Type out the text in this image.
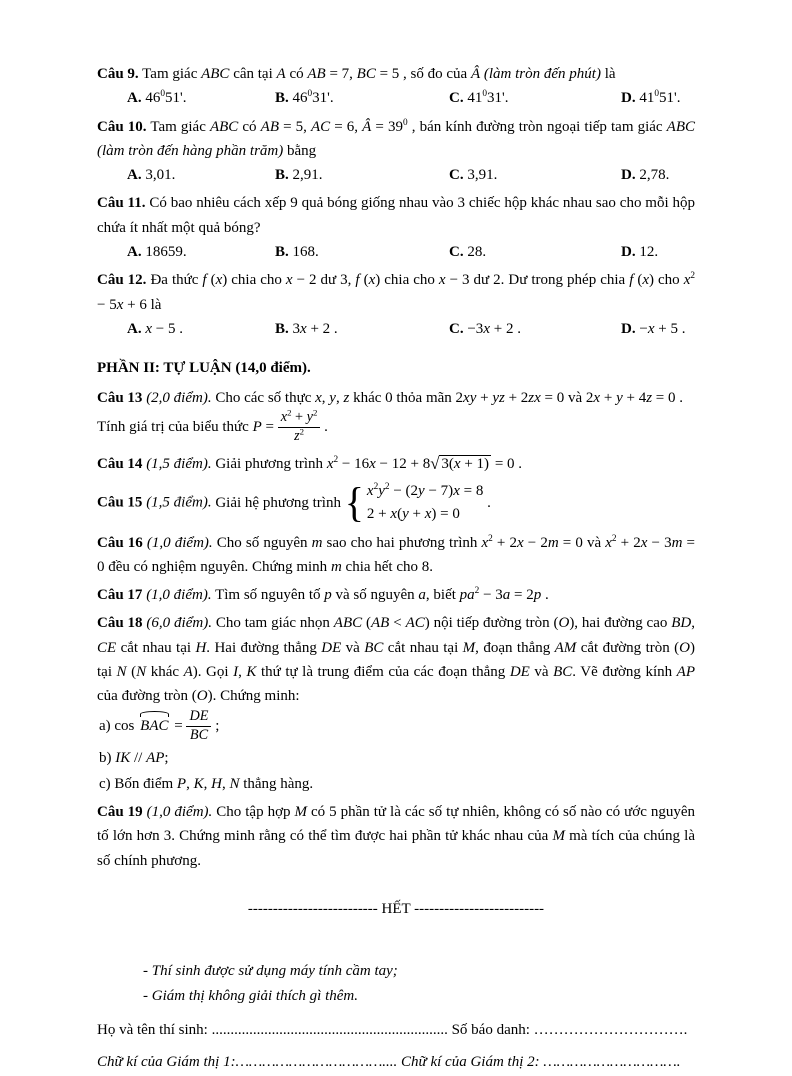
Câu 9. Tam giác ABC cân tại A có AB = 7, BC = 5 , số đo của Â (làm tròn đến phút) là

A. $46^051'$.	B. $46^031'$.	C. $41^031'$.	D. $41^051'$.

Câu 10. Tam giác ABC có AB = 5, AC = 6, Â = $39^0$ , bán kính đường tròn ngoại tiếp tam giác ABC (làm tròn đến hàng phần trăm) bằng

A. 3,01.	B. 2,91.	C. 3,91.	D. 2,78.

Câu 11. Có bao nhiêu cách xếp 9 quả bóng giống nhau vào 3 chiếc hộp khác nhau sao cho mỗi hộp chứa ít nhất một quả bóng?

A. 18659.	B. 168.	C. 28.	D. 12.

Câu 12. Đa thức f (x) chia cho x − 2 dư 3, f (x) chia cho x − 3 dư 2. Dư trong phép chia f (x) cho $x^2 - 5x + 6$ là

A. x − 5 .	B. 3x + 2 .	C. −3x + 2 .	D. −x + 5 .

PHẦN II: TỰ LUẬN (14,0 điểm).

Câu 13 (2,0 điểm). Cho các số thực x, y, z khác 0 thỏa mãn 2xy + yz + 2zx = 0 và 2x + y + 4z = 0 .

Tính giá trị của biểu thức $P = \frac{x^2 + y^2}{z^2}$ .

Câu 14 (1,5 điểm). Giải phương trình $x^2 - 16x - 12 + 8√$ 3(x + 1) = 0 .

Câu 15 (1,5 điểm). Giải hệ phương trình { $x^2y^2 - (2y - 7)x = 8$
2 + x(y + x) = 0
.

Câu 16 (1,0 điểm). Cho số nguyên m sao cho hai phương trình $x^2 + 2x - 2m = 0$ và $x^2 + 2x - 3m = 0$ đều có nghiệm nguyên. Chứng minh m chia hết cho 8.

Câu 17 (1,0 điểm). Tìm số nguyên tố p và số nguyên a, biết $pa^2 - 3a = 2p$ .

Câu 18 (6,0 điểm). Cho tam giác nhọn ABC (AB < AC) nội tiếp đường tròn (O), hai đường cao BD, CE cắt nhau tại H. Hai đường thẳng DE và BC cắt nhau tại M, đoạn thẳng AM cắt đường tròn (O) tại N (N khác A). Gọi I, K thứ tự là trung điểm của các đoạn thẳng DE và BC. Vẽ đường kính AP của đường tròn (O). Chứng minh:

a) cos BAC = $\frac{DE}{BC}$ ;

b) IK // AP;

c) Bốn điểm P, K, H, N thẳng hàng.

Câu 19 (1,0 điểm). Cho tập hợp M có 5 phần tử là các số tự nhiên, không có số nào có ước nguyên tố lớn hơn 3. Chứng minh rằng có thể tìm được hai phần tử khác nhau của M mà tích của chúng là số chính phương.

-------------------------- HẾT --------------------------

- Thí sinh được sử dụng máy tính cầm tay;

- Giám thị không giải thích gì thêm.

Họ và tên thí sinh: ............................................................... Số báo danh: ………………………….

Chữ kí của Giám thị 1:…………………………….... Chữ kí của Giám thị 2: ………………………….
